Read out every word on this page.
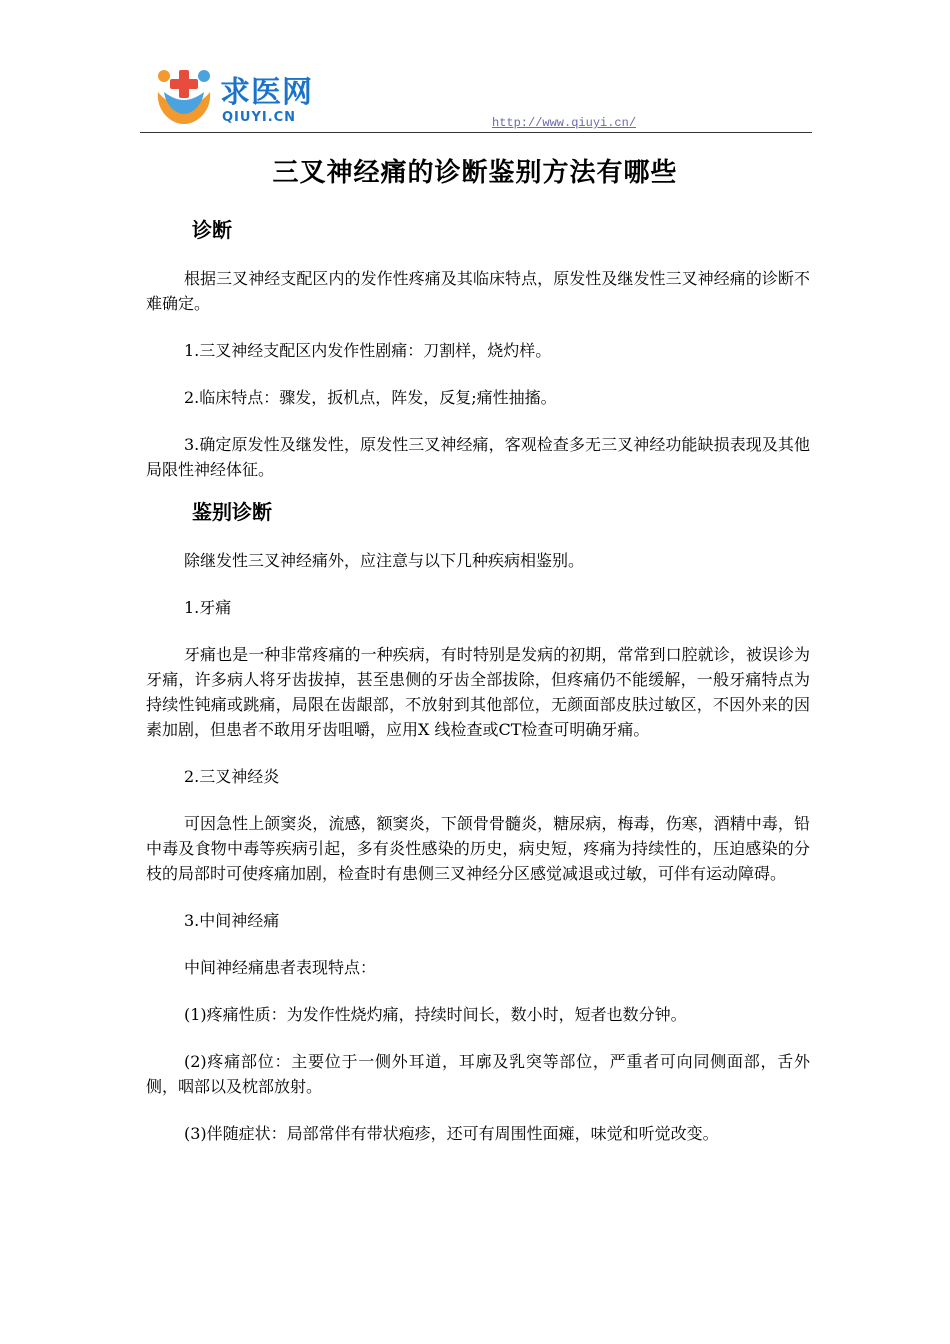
求医网
QIUYI.CN	http://www.qiuyi.cn/
三叉神经痛的诊断鉴别方法有哪些
诊断

根据三叉神经支配区内的发作性疼痛及其临床特点，原发性及继发性三叉神经痛的诊断不难确定。

1.三叉神经支配区内发作性剧痛：刀割样，烧灼样。

2.临床特点：骤发，扳机点，阵发，反复;痛性抽搐。

3.确定原发性及继发性，原发性三叉神经痛，客观检查多无三叉神经功能缺损表现及其他局限性神经体征。

鉴别诊断

除继发性三叉神经痛外，应注意与以下几种疾病相鉴别。

1.牙痛

牙痛也是一种非常疼痛的一种疾病，有时特别是发病的初期，常常到口腔就诊，被误诊为牙痛，许多病人将牙齿拔掉，甚至患侧的牙齿全部拔除，但疼痛仍不能缓解，一般牙痛特点为持续性钝痛或跳痛，局限在齿龈部，不放射到其他部位，无颜面部皮肤过敏区，不因外来的因素加剧，但患者不敢用牙齿咀嚼，应用X 线检查或CT检查可明确牙痛。

2.三叉神经炎

可因急性上颌窦炎，流感，额窦炎，下颌骨骨髓炎，糖尿病，梅毒，伤寒，酒精中毒，铅中毒及食物中毒等疾病引起，多有炎性感染的历史，病史短，疼痛为持续性的，压迫感染的分枝的局部时可使疼痛加剧，检查时有患侧三叉神经分区感觉减退或过敏，可伴有运动障碍。

3.中间神经痛

中间神经痛患者表现特点：

(1)疼痛性质：为发作性烧灼痛，持续时间长，数小时，短者也数分钟。

(2)疼痛部位：主要位于一侧外耳道，耳廓及乳突等部位，严重者可向同侧面部，舌外侧，咽部以及枕部放射。

(3)伴随症状：局部常伴有带状疱疹，还可有周围性面瘫，味觉和听觉改变。
